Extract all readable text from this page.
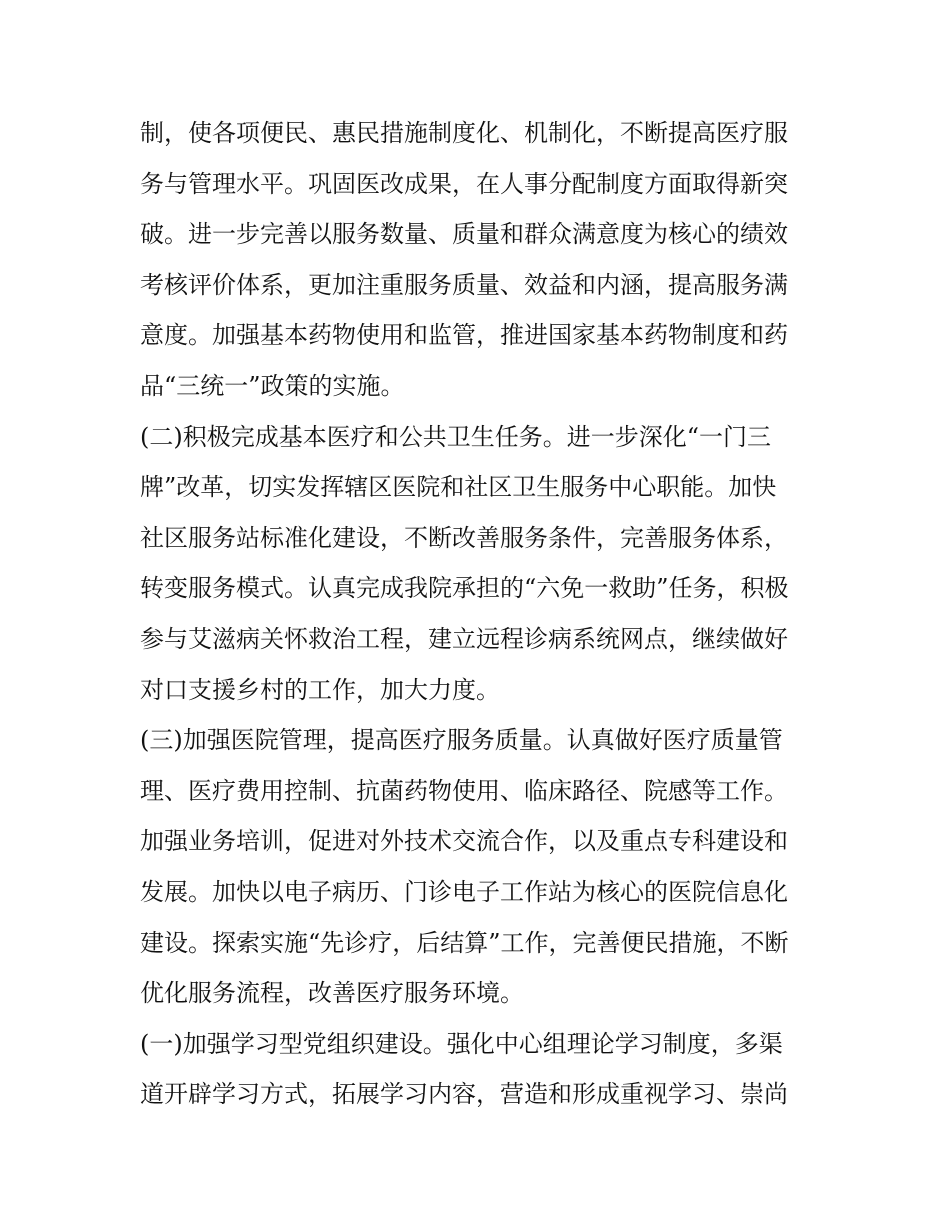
制，使各项便民、惠民措施制度化、机制化，不断提高医疗服
务与管理水平。巩固医改成果，在人事分配制度方面取得新突
破。进一步完善以服务数量、质量和群众满意度为核心的绩效
考核评价体系，更加注重服务质量、效益和内涵，提高服务满
意度。加强基本药物使用和监管，推进国家基本药物制度和药
品“三统一”政策的实施。
(二)积极完成基本医疗和公共卫生任务。进一步深化“一门三
牌”改革，切实发挥辖区医院和社区卫生服务中心职能。加快
社区服务站标准化建设，不断改善服务条件，完善服务体系，
转变服务模式。认真完成我院承担的“六免一救助”任务，积极
参与艾滋病关怀救治工程，建立远程诊病系统网点，继续做好
对口支援乡村的工作，加大力度。
(三)加强医院管理，提高医疗服务质量。认真做好医疗质量管
理、医疗费用控制、抗菌药物使用、临床路径、院感等工作。
加强业务培训，促进对外技术交流合作，以及重点专科建设和
发展。加快以电子病历、门诊电子工作站为核心的医院信息化
建设。探索实施“先诊疗，后结算”工作，完善便民措施，不断
优化服务流程，改善医疗服务环境。
(一)加强学习型党组织建设。强化中心组理论学习制度，多渠
道开辟学习方式，拓展学习内容，营造和形成重视学习、崇尚
